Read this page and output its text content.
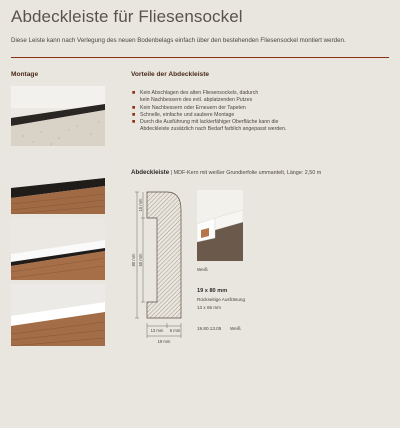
Abdeckleiste für Fliesensockel
Diese Leiste kann nach Verlegung des neuen Bodenbelags einfach über den bestehenden Fliesensockel montiert werden.
Montage	Vorteile der Abdeckleiste
■ Kein Abschlagen des alten Fliesensockels, dadurch
kein Nachbessern des evtl. abplatzenden Putzes
■ Kein Nachbessern oder Erneuern der Tapeten
■ Schnelle, einfache und saubere Montage
■ Durch die Ausführung mit lackierfähiger Oberfläche kann die
Abdeckleiste zusätzlich nach Bedarf farblich angepasst werden.
Abdeckleiste | MDF-Kern mit weißer Grundierfolie ummantelt, Länge: 2,50 m
80 mm
15 mm
65 mm
13 mm 6 mm
19 mm
Weiß
19 x 80 mm
Rückseitige Ausfräsung
13 x 65 mm
19.80.13.05 Weiß
